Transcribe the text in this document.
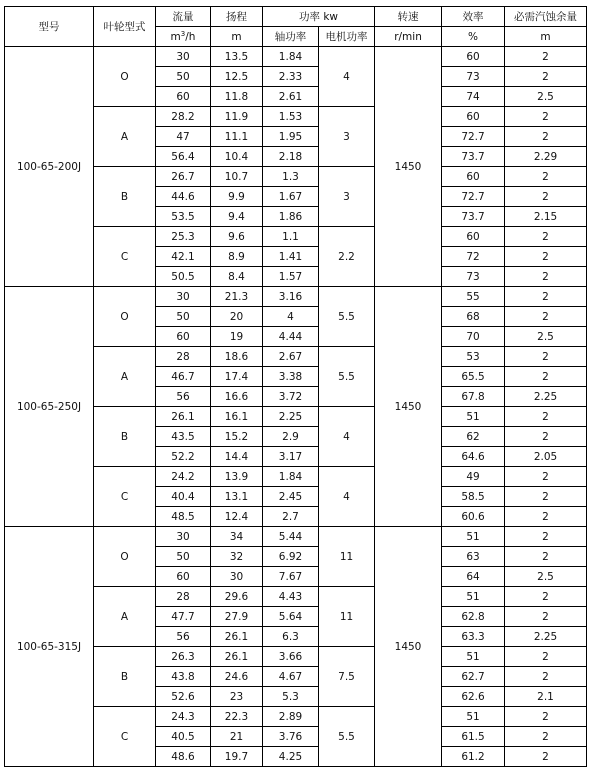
型号	叶轮型式	流量	扬程	功率 kw		转速	效率	必需汽蚀余量
		$m^3/h$	m	轴功率	电机功率	r/min	%	m
100-65-200J	O	30	13.5	1.84	4	1450	60	2
		50	12.5	2.33			73	2
		60	11.8	2.61			74	2.5
	A	28.2	11.9	1.53	3		60	2
		47	11.1	1.95			72.7	2
		56.4	10.4	2.18			73.7	2.29
	B	26.7	10.7	1.3	3		60	2
		44.6	9.9	1.67			72.7	2
		53.5	9.4	1.86			73.7	2.15
	C	25.3	9.6	1.1	2.2		60	2
		42.1	8.9	1.41			72	2
		50.5	8.4	1.57			73	2
100-65-250J	O	30	21.3	3.16	5.5	1450	55	2
		50	20	4			68	2
		60	19	4.44			70	2.5
	A	28	18.6	2.67	5.5		53	2
		46.7	17.4	3.38			65.5	2
		56	16.6	3.72			67.8	2.25
	B	26.1	16.1	2.25	4		51	2
		43.5	15.2	2.9			62	2
		52.2	14.4	3.17			64.6	2.05
	C	24.2	13.9	1.84	4		49	2
		40.4	13.1	2.45			58.5	2
		48.5	12.4	2.7			60.6	2
100-65-315J	O	30	34	5.44	11	1450	51	2
		50	32	6.92			63	2
		60	30	7.67			64	2.5
	A	28	29.6	4.43	11		51	2
		47.7	27.9	5.64			62.8	2
		56	26.1	6.3			63.3	2.25
	B	26.3	26.1	3.66	7.5		51	2
		43.8	24.6	4.67			62.7	2
		52.6	23	5.3			62.6	2.1
	C	24.3	22.3	2.89	5.5		51	2
		40.5	21	3.76			61.5	2
		48.6	19.7	4.25			61.2	2
